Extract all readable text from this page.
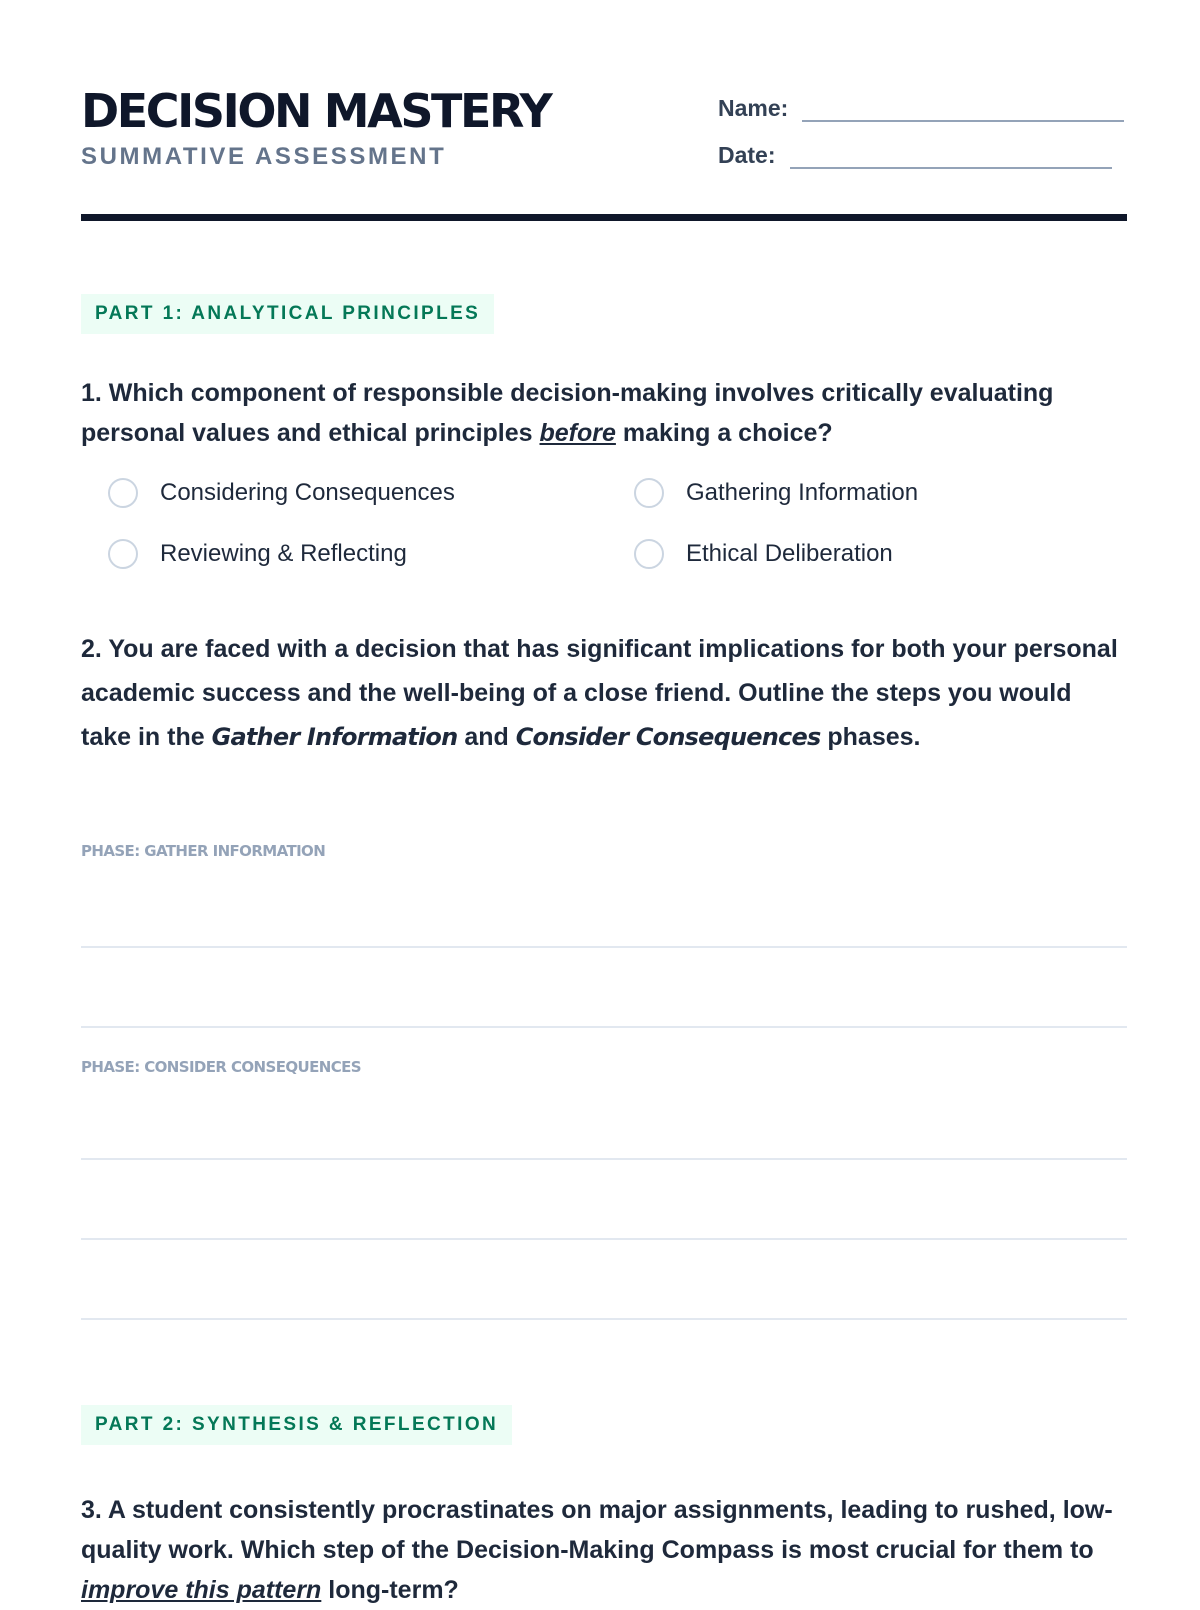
DECISION MASTERY
SUMMATIVE ASSESSMENT
Name:
Date:
PART 1: ANALYTICAL PRINCIPLES

1. Which component of responsible decision-making involves critically evaluating personal values and ethical principles before making a choice?

Considering Consequences	Gathering Information
Reviewing & Reflecting	Ethical Deliberation

2. You are faced with a decision that has significant implications for both your personal academic success and the well-being of a close friend. Outline the steps you would take in the Gather Information and Consider Consequences phases.

PHASE: GATHER INFORMATION
PHASE: CONSIDER CONSEQUENCES
PART 2: SYNTHESIS & REFLECTION

3. A student consistently procrastinates on major assignments, leading to rushed, low-quality work. Which step of the Decision-Making Compass is most crucial for them to improve this pattern long-term?
